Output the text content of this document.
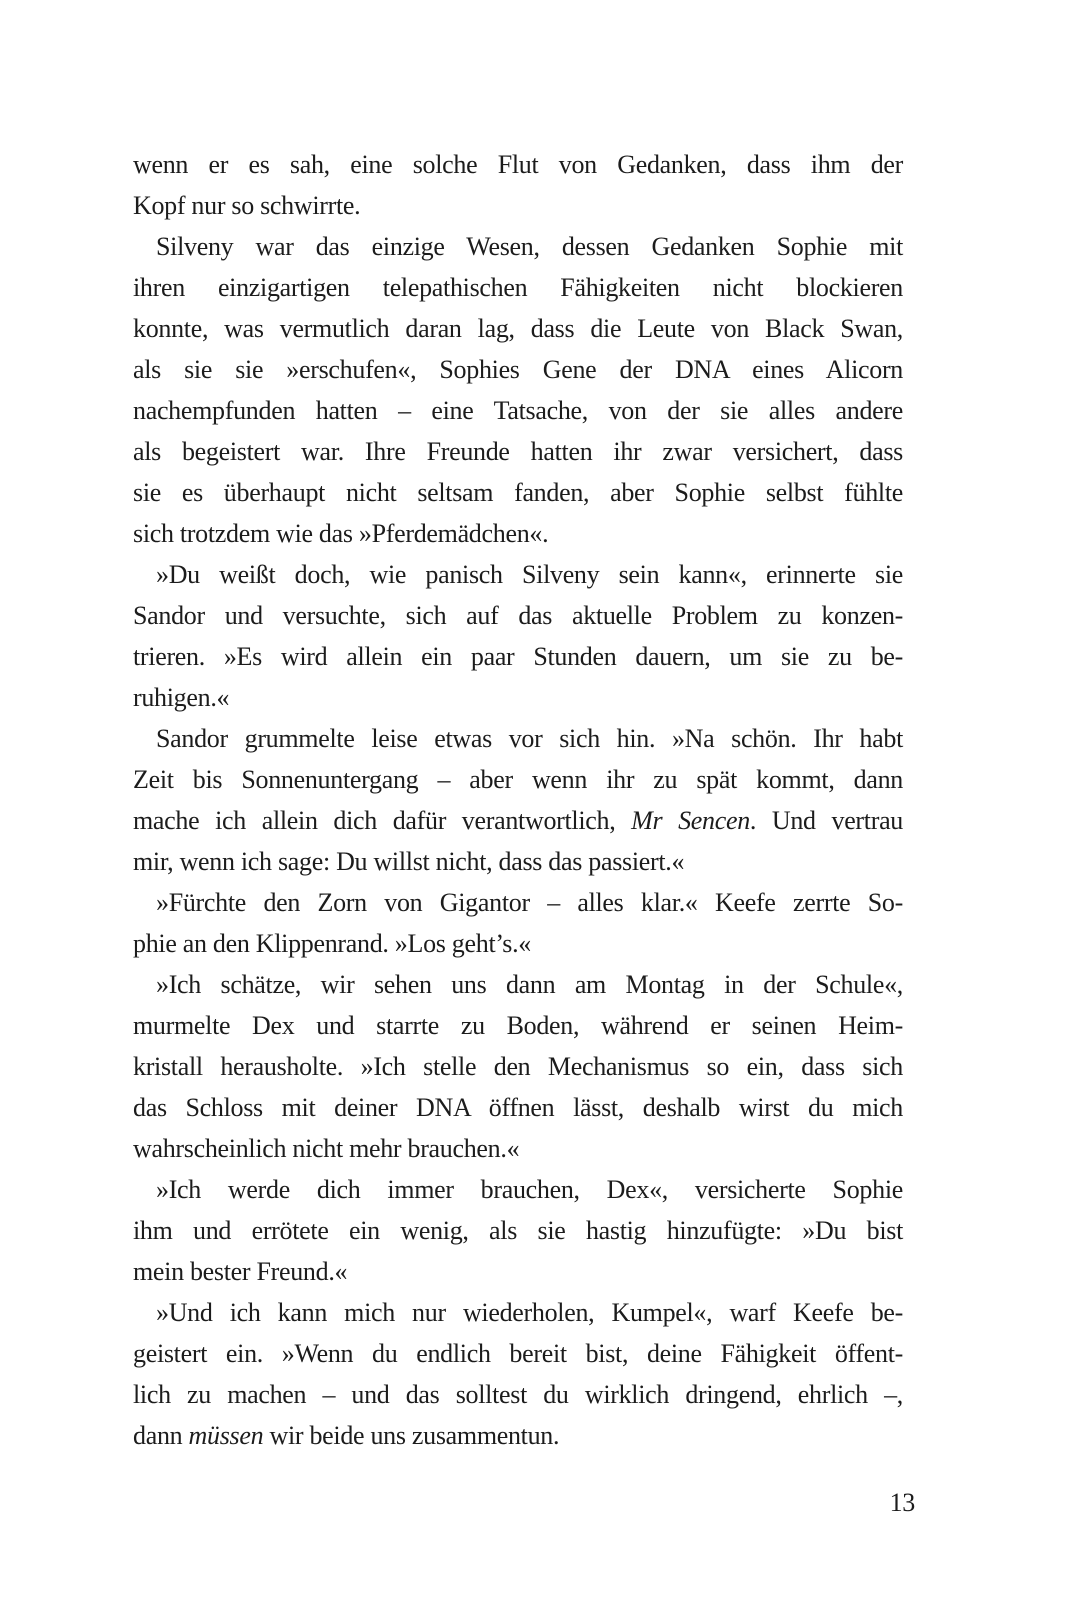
wenn er es sah, eine solche Flut von Gedanken, dass ihm der
Kopf nur so schwirrte.
Silveny war das einzige Wesen, dessen Gedanken Sophie mit
ihren einzigartigen telepathischen Fähigkeiten nicht blockieren
konnte, was vermutlich daran lag, dass die Leute von Black Swan,
als sie sie »erschufen«, Sophies Gene der DNA eines Alicorn
nachempfunden hatten – eine Tatsache, von der sie alles andere
als begeistert war. Ihre Freunde hatten ihr zwar versichert, dass
sie es überhaupt nicht seltsam fanden, aber Sophie selbst fühlte
sich trotzdem wie das »Pferdemädchen«.
»Du weißt doch, wie panisch Silveny sein kann«, erinnerte sie
Sandor und versuchte, sich auf das aktuelle Problem zu konzen-
trieren. »Es wird allein ein paar Stunden dauern, um sie zu be-
ruhigen.«
Sandor grummelte leise etwas vor sich hin. »Na schön. Ihr habt
Zeit bis Sonnenuntergang – aber wenn ihr zu spät kommt, dann
mache ich allein dich dafür verantwortlich, Mr Sencen. Und vertrau
mir, wenn ich sage: Du willst nicht, dass das passiert.«
»Fürchte den Zorn von Gigantor – alles klar.« Keefe zerrte So-
phie an den Klippenrand. »Los geht’s.«
»Ich schätze, wir sehen uns dann am Montag in der Schule«,
murmelte Dex und starrte zu Boden, während er seinen Heim-
kristall herausholte. »Ich stelle den Mechanismus so ein, dass sich
das Schloss mit deiner DNA öffnen lässt, deshalb wirst du mich
wahrscheinlich nicht mehr brauchen.«
»Ich werde dich immer brauchen, Dex«, versicherte Sophie
ihm und errötete ein wenig, als sie hastig hinzufügte: »Du bist
mein bester Freund.«
»Und ich kann mich nur wiederholen, Kumpel«, warf Keefe be-
geistert ein. »Wenn du endlich bereit bist, deine Fähigkeit öffent-
lich zu machen – und das solltest du wirklich dringend, ehrlich –,
dann müssen wir beide uns zusammentun.
13
